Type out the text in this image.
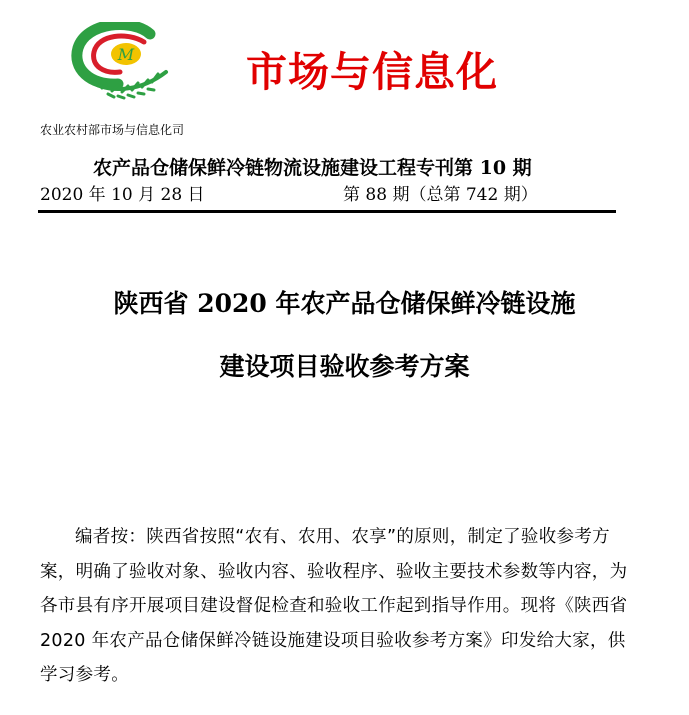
M	市场与信息化
农业农村部市场与信息化司
农产品仓储保鲜冷链物流设施建设工程专刊第 10 期
2020 年 10 月 28 日	第 88 期（总第 742 期）
陕西省 2020 年农产品仓储保鲜冷链设施
建设项目验收参考方案
编者按：陕西省按照“农有、农用、农享”的原则，制定了验收参考方案，明确了验收对象、验收内容、验收程序、验收主要技术参数等内容，为各市县有序开展项目建设督促检查和验收工作起到指导作用。现将《陕西省 2020 年农产品仓储保鲜冷链设施建设项目验收参考方案》印发给大家，供学习参考。
